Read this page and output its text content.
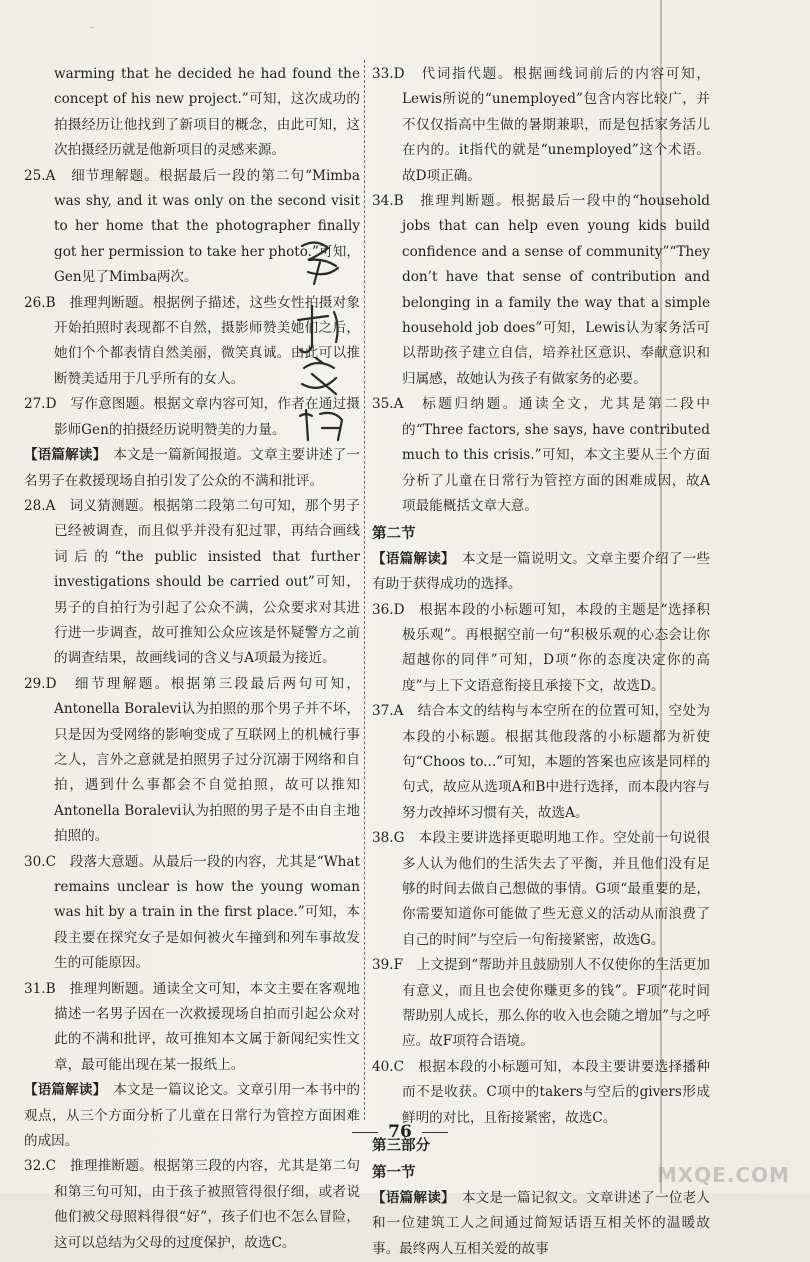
warming that he decided he had found the concept of his new project.”可知，这次成功的拍摄经历让他找到了新项目的概念，由此可知，这次拍摄经历就是他新项目的灵感来源。

25.A　细节理解题。根据最后一段的第二句“Mimba was shy, and it was only on the second visit to her home that the photographer finally got her permission to take her photo.”可知，Gen见了Mimba两次。

26.B　推理判断题。根据例子描述，这些女性拍摄对象开始拍照时表现都不自然，摄影师赞美她们之后，她们个个都表情自然美丽，微笑真诚。由此可以推断赞美适用于几乎所有的女人。

27.D　写作意图题。根据文章内容可知，作者在通过摄影师Gen的拍摄经历说明赞美的力量。

【语篇解读】　本文是一篇新闻报道。文章主要讲述了一名男子在救援现场自拍引发了公众的不满和批评。

28.A　词义猜测题。根据第二段第二句可知，那个男子已经被调查，而且似乎并没有犯过罪，再结合画线词后的“the public insisted that further investigations should be carried out”可知，男子的自拍行为引起了公众不满，公众要求对其进行进一步调查，故可推知公众应该是怀疑警方之前的调查结果，故画线词的含义与A项最为接近。

29.D　细节理解题。根据第三段最后两句可知，Antonella Boralevi认为拍照的那个男子并不坏，只是因为受网络的影响变成了互联网上的机械行事之人，言外之意就是拍照男子过分沉溺于网络和自拍，遇到什么事都会不自觉拍照，故可以推知Antonella Boralevi认为拍照的男子是不由自主地拍照的。

30.C　段落大意题。从最后一段的内容，尤其是“What remains unclear is how the young woman was hit by a train in the first place.”可知，本段主要在探究女子是如何被火车撞到和列车事故发生的可能原因。

31.B　推理判断题。通读全文可知，本文主要在客观地描述一名男子因在一次救援现场自拍而引起公众对此的不满和批评，故可推知本文属于新闻纪实性文章，最可能出现在某一报纸上。

【语篇解读】　本文是一篇议论文。文章引用一本书中的观点，从三个方面分析了儿童在日常行为管控方面困难的成因。

32.C　推理推断题。根据第三段的内容，尤其是第二句和第三句可知，由于孩子被照管得很仔细，或者说他们被父母照料得很“好”，孩子们也不怎么冒险，这可以总结为父母的过度保护，故选C。

33.D　代词指代题。根据画线词前后的内容可知，Lewis所说的“unemployed”包含内容比较广，并不仅仅指高中生做的暑期兼职，而是包括家务活儿在内的。it指代的就是“unemployed”这个术语。故D项正确。

34.B　推理判断题。根据最后一段中的“household jobs that can help even young kids build confidence and a sense of community”“They don’t have that sense of contribution and belonging in a family the way that a simple household job does”可知，Lewis认为家务活可以帮助孩子建立自信，培养社区意识、奉献意识和归属感，故她认为孩子有做家务的必要。

35.A　标题归纳题。通读全文，尤其是第二段中的“Three factors, she says, have contributed much to this crisis.”可知，本文主要从三个方面分析了儿童在日常行为管控方面的困难成因，故A项最能概括文章大意。

第二节

【语篇解读】　本文是一篇说明文。文章主要介绍了一些有助于获得成功的选择。

36.D　根据本段的小标题可知，本段的主题是“选择积极乐观”。再根据空前一句“积极乐观的心态会让你超越你的同伴”可知，D项“你的态度决定你的高度”与上下文语意衔接且承接下文，故选D。

37.A　结合本文的结构与本空所在的位置可知，空处为本段的小标题。根据其他段落的小标题都为祈使句“Choos to...”可知，本题的答案也应该是同样的句式，故应从选项A和B中进行选择，而本段内容与努力改掉坏习惯有关，故选A。

38.G　本段主要讲选择更聪明地工作。空处前一句说很多人认为他们的生活失去了平衡，并且他们没有足够的时间去做自己想做的事情。G项“最重要的是，你需要知道你可能做了些无意义的活动从而浪费了自己的时间”与空后一句衔接紧密，故选G。

39.F　上文提到“帮助并且鼓励别人不仅使你的生活更加有意义，而且也会使你赚更多的钱”。F项“花时间帮助别人成长，那么你的收入也会随之增加”与之呼应。故F项符合语境。

40.C　根据本段的小标题可知，本段主要讲要选择播种而不是收获。C项中的takers与空后的givers形成鲜明的对比，且衔接紧密，故选C。

第三部分

第一节

【语篇解读】　本文是一篇记叙文。文章讲述了一位老人和一位建筑工人之间通过简短话语互相关怀的温暖故事。最终两人互相关爱的故事

多助文档
76
MXQE.COM
